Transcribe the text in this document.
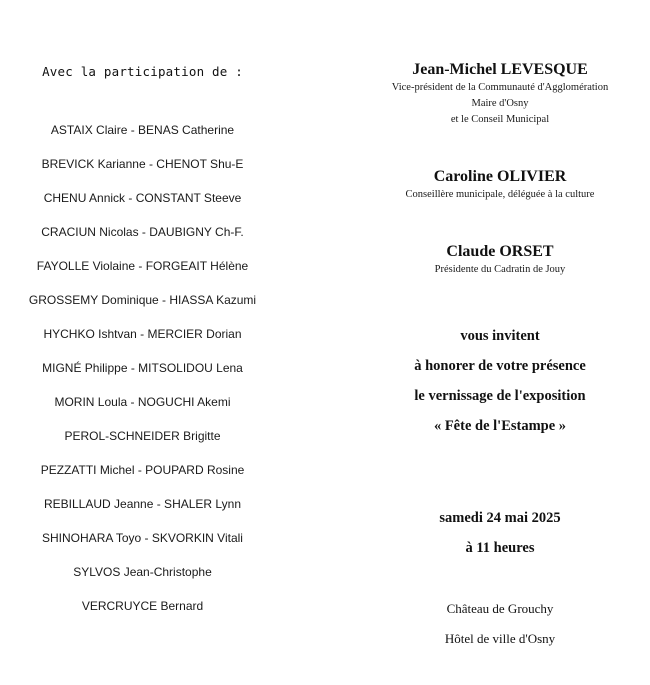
Avec la participation de :
ASTAIX Claire - BENAS Catherine
BREVICK Karianne - CHENOT Shu-E
CHENU Annick - CONSTANT Steeve
CRACIUN Nicolas - DAUBIGNY Ch-F.
FAYOLLE Violaine - FORGEAIT Hélène
GROSSEMY Dominique - HIASSA Kazumi
HYCHKO Ishtvan - MERCIER Dorian
MIGNÉ Philippe - MITSOLIDOU Lena
MORIN Loula - NOGUCHI Akemi
PEROL-SCHNEIDER Brigitte
PEZZATTI Michel - POUPARD Rosine
REBILLAUD Jeanne - SHALER Lynn
SHINOHARA Toyo - SKVORKIN Vitali
SYLVOS Jean-Christophe
VERCRUYCE Bernard
Jean-Michel LEVESQUE
Vice-président de la Communauté d'Agglomération
Maire d'Osny
et le Conseil Municipal
Caroline OLIVIER
Conseillère municipale, déléguée à la culture
Claude ORSET
Présidente du Cadratin de Jouy
vous invitent
à honorer de votre présence
le vernissage de l'exposition
« Fête de l'Estampe »
samedi 24 mai 2025
à 11 heures
Château de Grouchy
Hôtel de ville d'Osny
